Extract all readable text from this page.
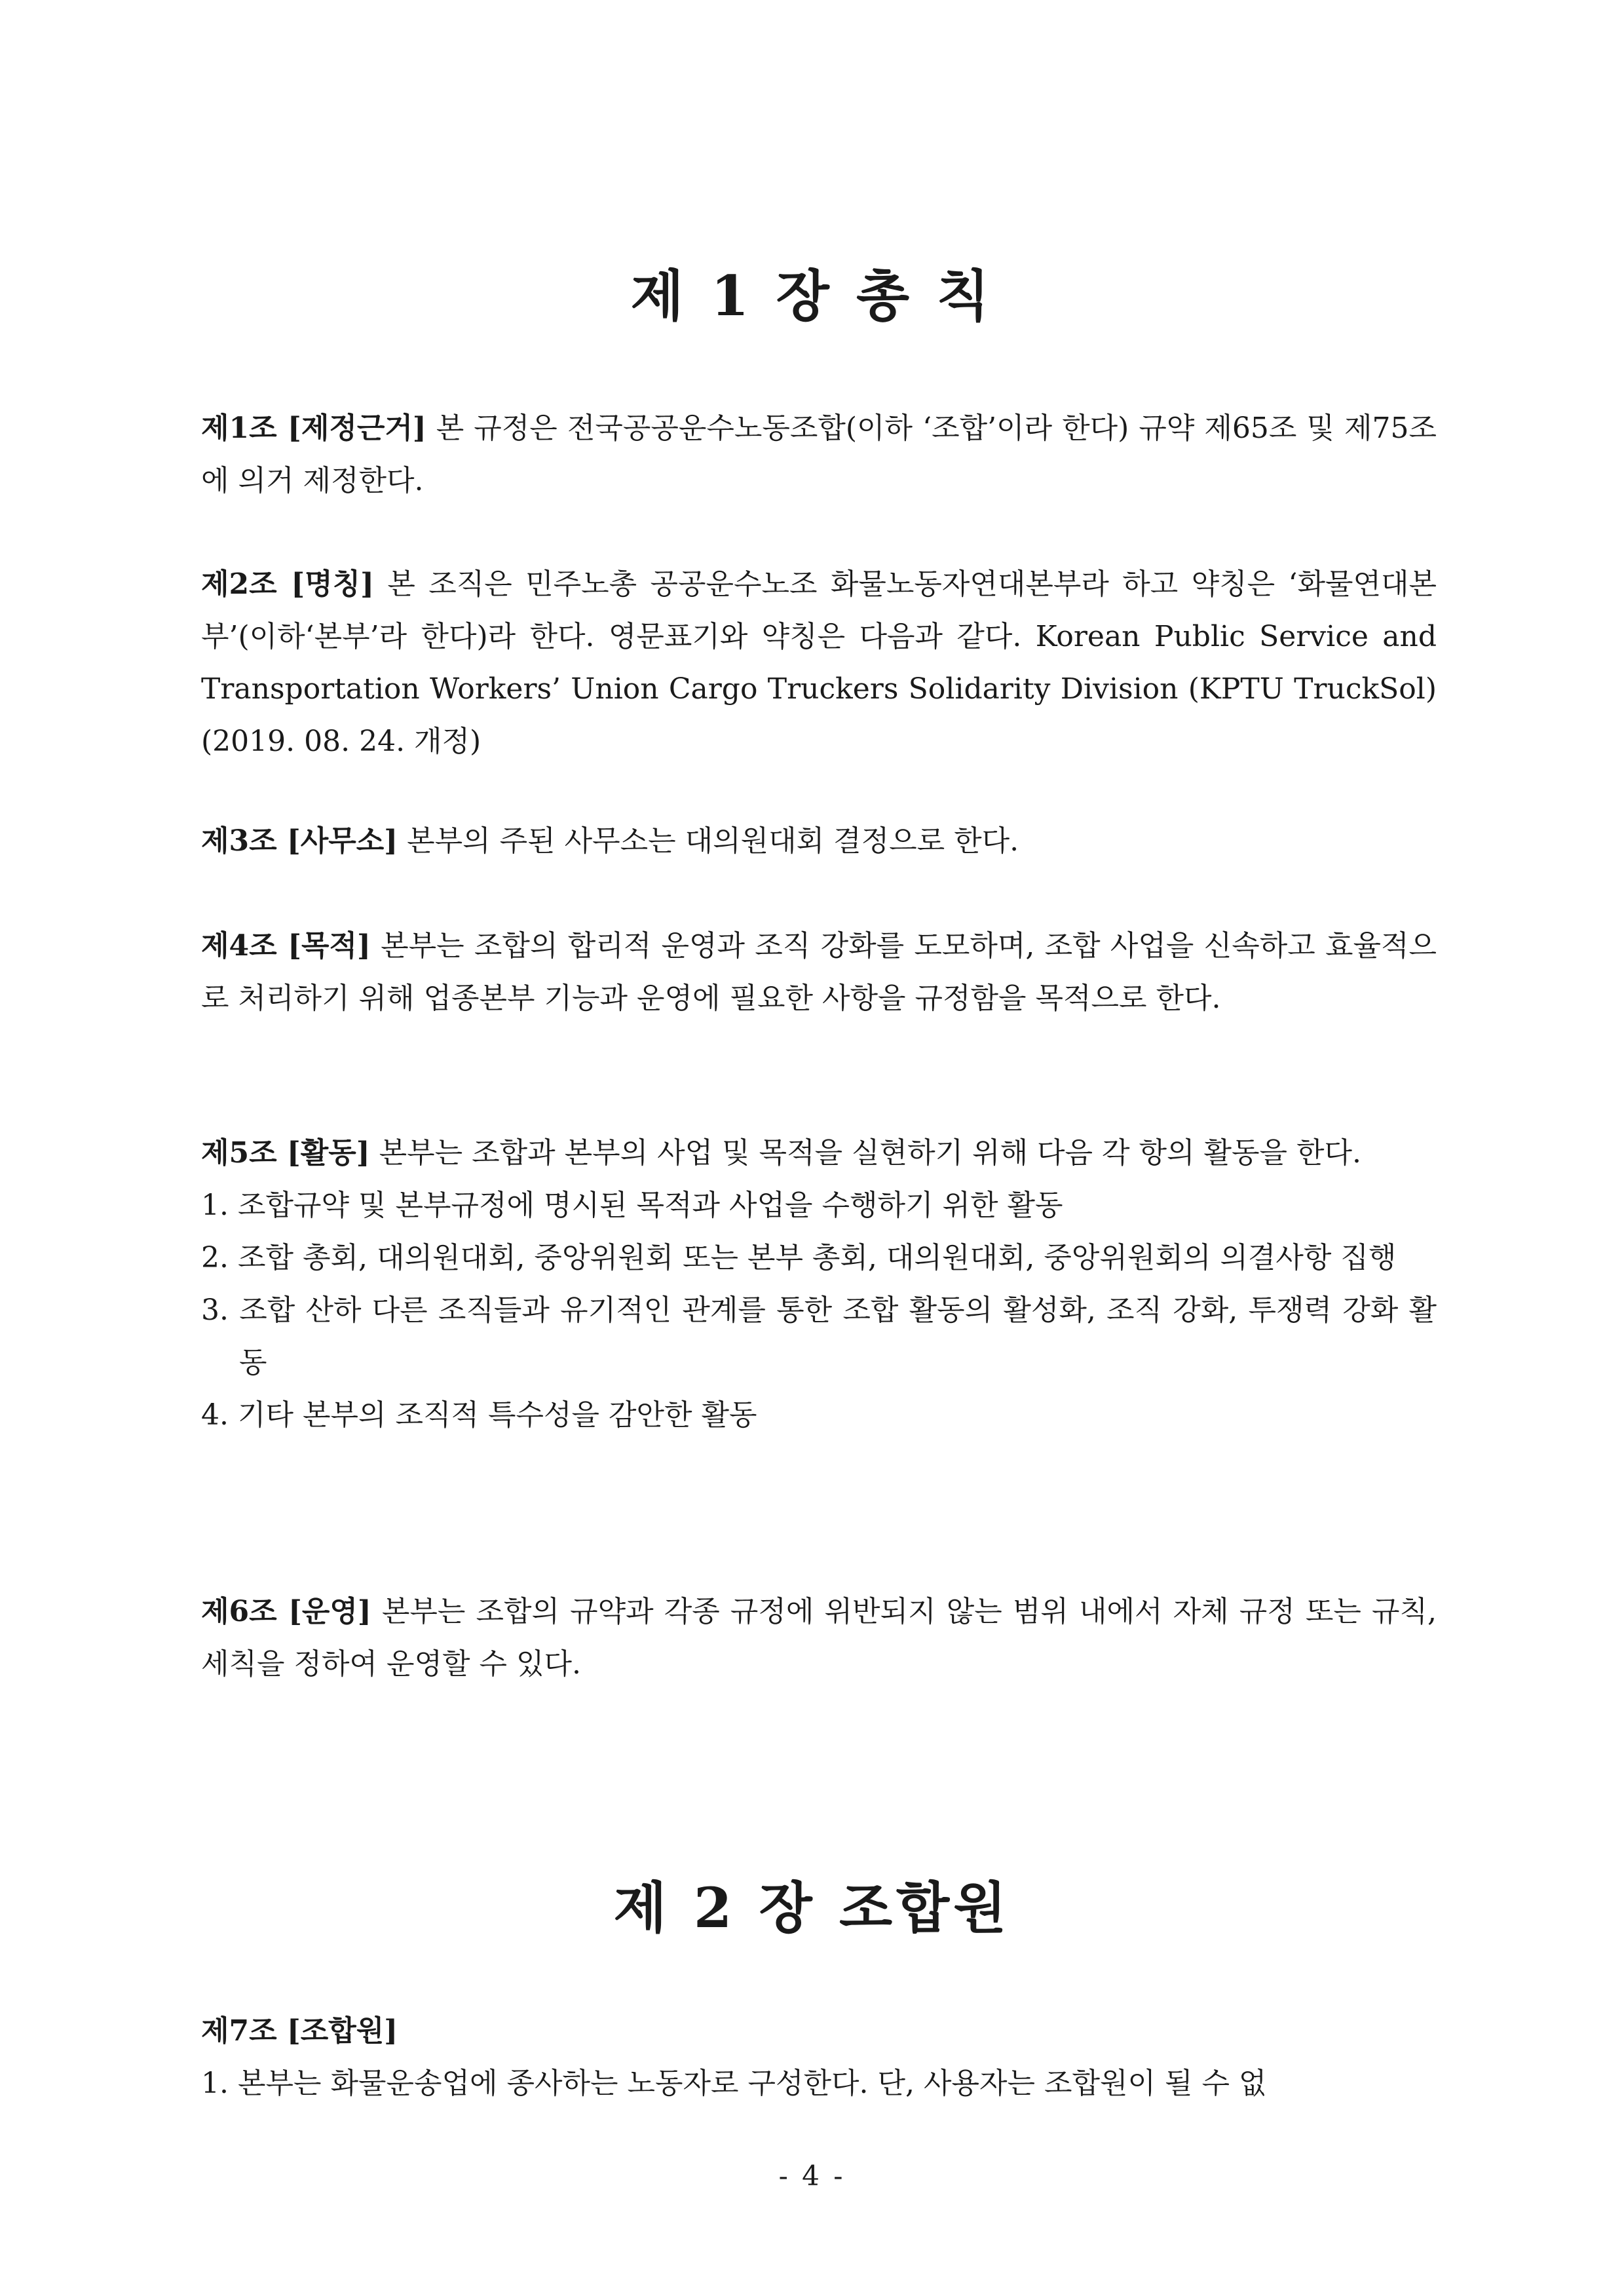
제 1 장 총 칙

제1조 [제정근거] 본 규정은 전국공공운수노동조합(이하 ‘조합’이라 한다) 규약 제65조 및 제75조에 의거 제정한다.

제2조 [명칭] 본 조직은 민주노총 공공운수노조 화물노동자연대본부라 하고 약칭은 ‘화물연대본부’(이하‘본부’라 한다)라 한다. 영문표기와 약칭은 다음과 같다. Korean Public Service and Transportation Workers’ Union Cargo Truckers Solidarity Division (KPTU TruckSol)(2019. 08. 24. 개정)

제3조 [사무소] 본부의 주된 사무소는 대의원대회 결정으로 한다.

제4조 [목적] 본부는 조합의 합리적 운영과 조직 강화를 도모하며, 조합 사업을 신속하고 효율적으로 처리하기 위해 업종본부 기능과 운영에 필요한 사항을 규정함을 목적으로 한다.

제5조 [활동] 본부는 조합과 본부의 사업 및 목적을 실현하기 위해 다음 각 항의 활동을 한다.

1. 조합규약 및 본부규정에 명시된 목적과 사업을 수행하기 위한 활동

2. 조합 총회, 대의원대회, 중앙위원회 또는 본부 총회, 대의원대회, 중앙위원회의 의결사항 집행

3. 조합 산하 다른 조직들과 유기적인 관계를 통한 조합 활동의 활성화, 조직 강화, 투쟁력 강화 활동

4. 기타 본부의 조직적 특수성을 감안한 활동

제6조 [운영] 본부는 조합의 규약과 각종 규정에 위반되지 않는 범위 내에서 자체 규정 또는 규칙, 세칙을 정하여 운영할 수 있다.

제 2 장 조합원

제7조 [조합원]

1. 본부는 화물운송업에 종사하는 노동자로 구성한다. 단, 사용자는 조합원이 될 수 없

- 4 -
